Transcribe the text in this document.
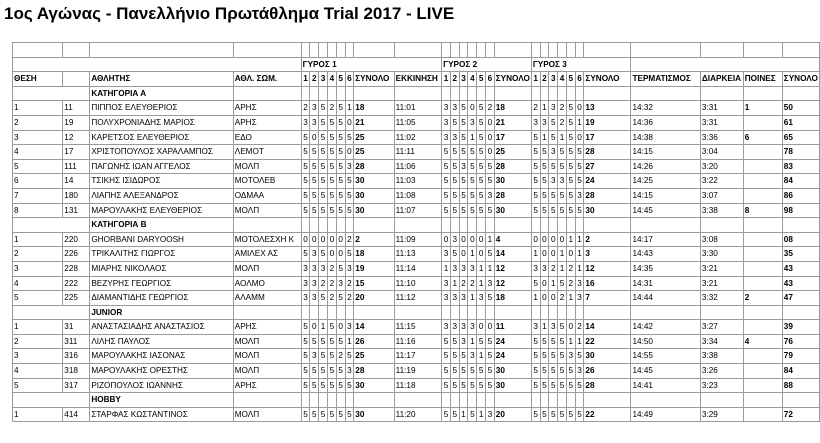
1ος Αγώνας - Πανελλήνιο Πρωτάθλημα Trial 2017 - LIVE

				ΓΥΡΟΣ 1								ΓΥΡΟΣ 2							ΓΥΡΟΣ 3										
ΘΕΣΗ		ΑΘΛΗΤΗΣ	ΑΘΛ. ΣΩΜ.	1	2	3	4	5	6	ΣΥΝΟΛΟ	ΕΚΚΙΝΗΣΗ	1	2	3	4	5	6	ΣΥΝΟΛΟ	1	2	3	4	5	6	ΣΥΝΟΛΟ	ΤΕΡΜΑΤΙΣΜΟΣ	ΔΙΑΡΚΕΙΑ	ΠΟΙΝΕΣ	ΣΥΝΟΛΟ
		ΚΑΤΗΓΟΡΙΑ Α																											
1	11	ΠΙΠΠΟΣ ΕΛΕΥΘΕΡΙΟΣ	ΑΡΗΣ	2	3	5	2	5	1	18	11:01	3	3	5	0	5	2	18	2	1	3	2	5	0	13	14:32	3:31	1	50
2	19	ΠΟΛΥΧΡΟΝΙΑΔΗΣ ΜΑΡΙΟΣ	ΑΡΗΣ	3	3	5	5	5	0	21	11:05	3	5	5	3	5	0	21	3	3	5	2	5	1	19	14:36	3:31		61
3	12	ΚΑΡΕΤΣΟΣ ΕΛΕΥΘΕΡΙΟΣ	ΕΔΟ	5	0	5	5	5	5	25	11:02	3	3	5	1	5	0	17	5	1	5	1	5	0	17	14:38	3:36	6	65
4	17	ΧΡΙΣΤΟΠΟΥΛΟΣ ΧΑΡΑΛΑΜΠΟΣ	ΛΕΜΟΤ	5	5	5	5	5	0	25	11:11	5	5	5	5	5	0	25	5	5	3	5	5	5	28	14:15	3:04		78
5	111	ΠΑΓΩΝΗΣ ΙΩΑΝ ΑΓΓΕΛΟΣ	ΜΟΛΠ	5	5	5	5	5	3	28	11:06	5	5	3	5	5	5	28	5	5	5	5	5	5	27	14:26	3:20		83
6	14	ΤΣΙΚΗΣ ΙΣΙΔΩΡΟΣ	ΜΟΤΟΛΕΒ	5	5	5	5	5	5	30	11:03	5	5	5	5	5	5	30	5	5	3	3	5	5	24	14:25	3:22		84
7	180	ΛΙΑΠΗΣ ΑΛΕΞΑΝΔΡΟΣ	ΟΔΜΑΑ	5	5	5	5	5	5	30	11:08	5	5	5	5	5	3	28	5	5	5	5	5	3	28	14:15	3:07		86
8	131	ΜΑΡΟΥΛΑΚΗΣ ΕΛΕΥΘΕΡΙΟΣ	ΜΟΛΠ	5	5	5	5	5	5	30	11:07	5	5	5	5	5	5	30	5	5	5	5	5	5	30	14:45	3:38	8	98
		ΚΑΤΗΓΟΡΙΑ Β																											
1	220	GHORBANI DARYOOSH	ΜΟΤΟΛΕΣΧΗ Κ	0	0	0	0	0	2	2	11:09	0	3	0	0	0	1	4	0	0	0	0	1	1	2	14:17	3:08		08
2	226	ΤΡΙΚΑΛΙΤΗΣ ΓΙΩΡΓΟΣ	ΑΜΙΛΕΧ ΑΣ	5	3	5	0	0	5	18	11:13	3	5	0	1	0	5	14	1	0	0	1	0	1	3	14:43	3:30		35
3	228	ΜΙΑΡΗΣ ΝΙΚΟΛΑΟΣ	ΜΟΛΠ	3	3	3	2	5	3	19	11:14	1	3	3	3	1	1	12	3	3	2	1	2	1	12	14:35	3:21		43
4	222	ΒΕΖΥΡΗΣ ΓΕΩΡΓΙΟΣ	ΑΟΛΜΟ	3	3	2	2	3	2	15	11:10	3	1	2	2	1	3	12	5	0	1	5	2	3	16	14:31	3:21		43
5	225	ΔΙΑΜΑΝΤΙΔΗΣ ΓΕΩΡΓΙΟΣ	ΑΛΑΜΜ	3	3	5	2	5	2	20	11:12	3	3	3	1	3	5	18	1	0	0	2	1	3	7	14:44	3:32	2	47
		JUNIOR																											
1	31	ΑΝΑΣΤΑΣΙΑΔΗΣ ΑΝΑΣΤΑΣΙΟΣ	ΑΡΗΣ	5	0	1	5	0	3	14	11:15	3	3	3	3	0	0	11	3	1	3	5	0	2	14	14:42	3:27		39
2	311	ΛΙΛΗΣ ΠΑΥΛΟΣ	ΜΟΛΠ	5	5	5	5	5	1	26	11:16	5	5	3	1	5	5	24	5	5	5	5	1	1	22	14:50	3:34	4	76
3	316	ΜΑΡΟΥΛΑΚΗΣ ΙΑΣΟΝΑΣ	ΜΟΛΠ	5	3	5	5	2	5	25	11:17	5	5	5	3	1	5	24	5	5	5	5	3	5	30	14:55	3:38		79
4	318	ΜΑΡΟΥΛΑΚΗΣ ΟΡΕΣΤΗΣ	ΜΟΛΠ	5	5	5	5	5	3	28	11:19	5	5	5	5	5	5	30	5	5	5	5	5	3	26	14:45	3:26		84
5	317	ΡΙΖΟΠΟΥΛΟΣ ΙΩΑΝΝΗΣ	ΑΡΗΣ	5	5	5	5	5	5	30	11:18	5	5	5	5	5	5	30	5	5	5	5	5	5	28	14:41	3:23		88
		HOBBY																											
1	414	ΣΤΑΡΦΑΣ ΚΩΣΤΑΝΤΙΝΟΣ	ΜΟΛΠ	5	5	5	5	5	5	30	11:20	5	5	1	5	1	3	20	5	5	5	5	5	5	22	14:49	3:29		72
